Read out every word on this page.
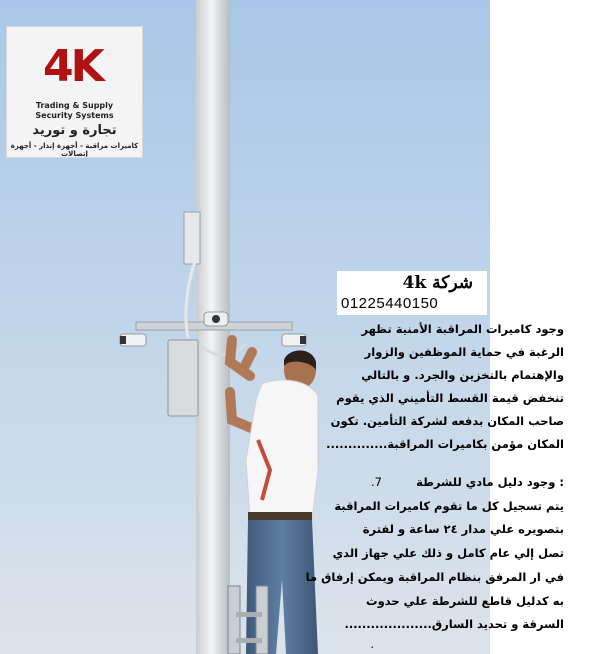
4K
Trading & Supply
Security Systems
تجارة و توريد
كاميرات مراقبة - أجهزة إنذار - أجهزة إتصالات
شركة 4k
01225440150
وجود كاميرات المراقبة الأمنية تظهر
الرغبة في حماية الموظفين والزوار
والإهتمام بالتخزين والجرد. و بالتالي
تنخفض قيمة القسط التأميني الذي يقوم
صاحب المكان بدفعه لشركة التأمين. تكون
المكان مؤمن بكاميرات المراقبة..............
7.	: وجود دليل مادي للشرطة
يتم تسجيل كل ما تقوم كاميرات المراقبة
بتصويره علي مدار ٢٤ ساعة و لفترة
تصل إلي عام كامل و ذلك علي جهاز الدي
في ار المرفق بنظام المراقبة ويمكن إرفاق ما
به كدليل قاطع للشرطة علي حدوث
السرقة و تحديد السارق....................
.
